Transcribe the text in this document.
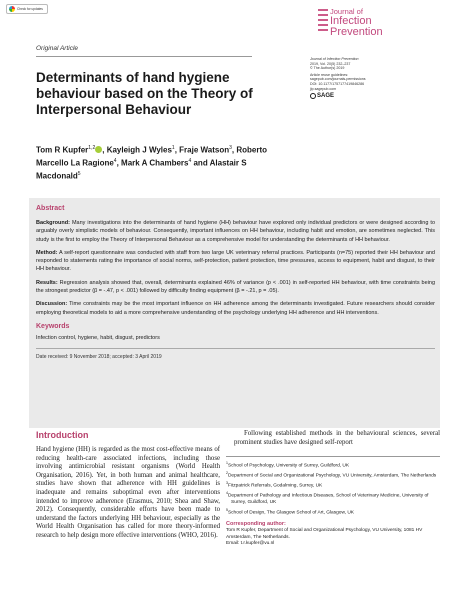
Check for updates	Journal of
Infection
Prevention
Original Article
Determinants of hand hygiene behaviour based on the Theory of Interpersonal Behaviour
Journal of Infection Prevention
2019, Vol. 20(5) 232–237
© The Author(s) 2019
Article reuse guidelines:
sagepub.com/journals-permissions
DOI: 10.1177/1757177419846286
jip.sagepub.com
SAGE
Tom R Kupfer$^{1,2}$ , Kayleigh J Wyles$^1$, Fraje Watson$^3$, Roberto Marcello La Ragione$^4$, Mark A Chambers$^4$ and Alastair S Macdonald$^5$
Abstract

Background: Many investigations into the determinants of hand hygiene (HH) behaviour have explored only individual predictors or were designed according to arguably overly simplistic models of behaviour. Consequently, important influences on HH behaviour, including habit and emotion, are sometimes neglected. This study is the first to employ the Theory of Interpersonal Behaviour as a comprehensive model for understanding the determinants of HH behaviour.

Method: A self-report questionnaire was conducted with staff from two large UK veterinary referral practices. Participants (n=75) reported their HH behaviour and responded to statements rating the importance of social norms, self-protection, patient protection, time pressures, access to equipment, habit and disgust, to their HH behaviour.

Results: Regression analysis showed that, overall, determinants explained 46% of variance (p < .001) in self-reported HH behaviour, with time constraints being the strongest predictor (β = -.47, p < .001) followed by difficulty finding equipment (β = -.21, p = .05).

Discussion: Time constraints may be the most important influence on HH adherence among the determinants investigated. Future researchers should consider employing theoretical models to aid a more comprehensive understanding of the psychology underlying HH adherence and HH interventions.

Keywords
Infection control, hygiene, habit, disgust, predictors
Date received: 9 November 2018; accepted: 3 April 2019
Introduction

Hand hygiene (HH) is regarded as the most cost-effective means of reducing health-care associated infections, including those involving antimicrobial resistant organisms (World Health Organisation, 2016). Yet, in both human and animal healthcare, studies have shown that adherence with HH guidelines is inadequate and remains suboptimal even after interventions intended to improve adherence (Erasmus, 2010; Shea and Shaw, 2012). Consequently, considerable efforts have been made to understand the factors underlying HH behaviour, especially as the World Health Organisation has called for more theory-informed research to help design more effective interventions (WHO, 2016).

Following established methods in the behavioural sciences, several prominent studies have designed self-report

$^1$School of Psychology, University of Surrey, Guildford, UK
$^2$Department of Social and Organizational Psychology, VU University, Amsterdam, The Netherlands
$^3$Fitzpatrick Referrals, Godalming, Surrey, UK
$^4$Department of Pathology and Infectious Diseases, School of Veterinary Medicine, University of Surrey, Guildford, UK
$^5$School of Design, The Glasgow School of Art, Glasgow, UK
Corresponding author:
Tom R Kupfer, Department of Social and Organizational Psychology, VU University, 1081 HV Amsterdam, The Netherlands.
Email: t.r.kupfer@vu.nl
